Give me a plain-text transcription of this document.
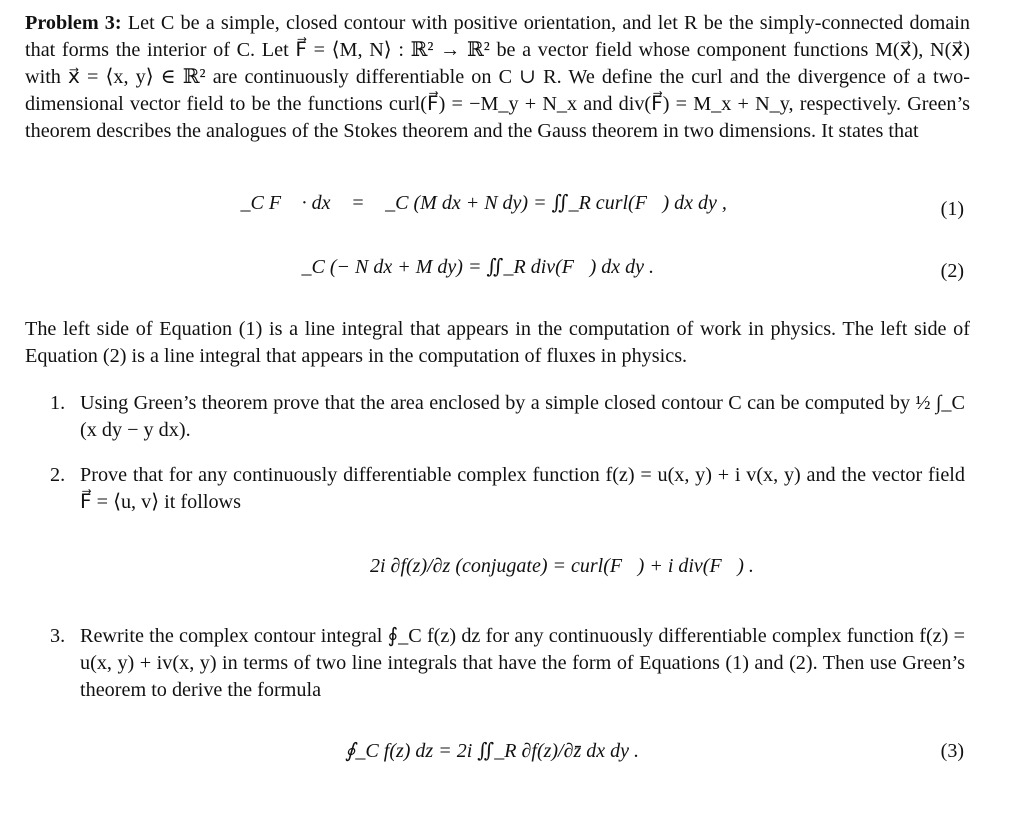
Problem 3: Let C be a simple, closed contour with positive orientation, and let R be the simply-connected domain that forms the interior of C. Let F⃗ = ⟨M, N⟩ : ℝ² → ℝ² be a vector field whose component functions M(x⃗), N(x⃗) with x⃗ = ⟨x, y⟩ ∈ ℝ² are continuously differentiable on C ∪ R. We define the curl and the divergence of a two-dimensional vector field to be the functions curl(F⃗) = −M_y + N_x and div(F⃗) = M_x + N_y, respectively. Green’s theorem describes the analogues of the Stokes theorem and the Gauss theorem in two dimensions. It states that
∮_C F⃗ · dx⃗ = ∮_C (M dx + N dy) = ∬_R curl(F⃗) dx dy ,	(1)
∮_C (− N dx + M dy) = ∬_R div(F⃗) dx dy .	(2)
The left side of Equation (1) is a line integral that appears in the computation of work in physics. The left side of Equation (2) is a line integral that appears in the computation of fluxes in physics.
1. Using Green’s theorem prove that the area enclosed by a simple closed contour C can be computed by ½ ∫_C (x dy − y dx).
2. Prove that for any continuously differentiable complex function f(z) = u(x, y) + i v(x, y) and the vector field F⃗ = ⟨u, v⟩ it follows
3. Rewrite the complex contour integral ∮_C f(z) dz for any continuously differentiable complex function f(z) = u(x, y) + iv(x, y) in terms of two line integrals that have the form of Equations (1) and (2). Then use Green’s theorem to derive the formula
2i ∂f(z)/∂z (conjugate) = curl(F⃗) + i div(F⃗) .
∮_C f(z) dz = 2i ∬_R ∂f(z)/∂z̄ dx dy .	(3)
